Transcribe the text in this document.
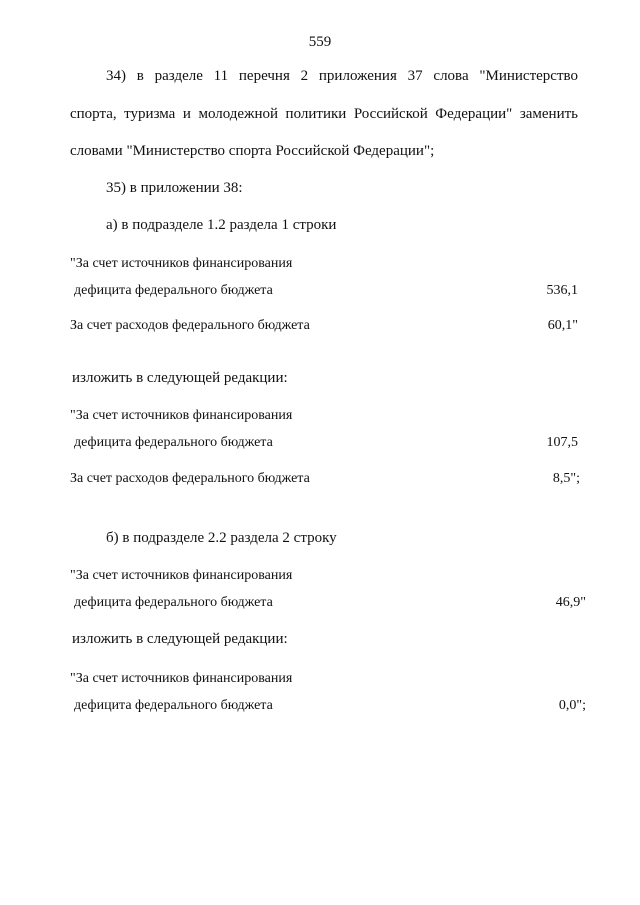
559
34) в разделе 11 перечня 2 приложения 37 слова "Министерство
спорта, туризма и молодежной политики Российской Федерации" заменить
словами "Министерство спорта Российской Федерации";
35) в приложении 38:
а) в подразделе 1.2 раздела 1 строки
"За счет источников финансирования
дефицита федерального бюджета	536,1
За счет расходов федерального бюджета	60,1"
изложить в следующей редакции:
"За счет источников финансирования
дефицита федерального бюджета	107,5
За счет расходов федерального бюджета	8,5";
б) в подразделе 2.2 раздела 2 строку
"За счет источников финансирования
дефицита федерального бюджета	46,9"
изложить в следующей редакции:
"За счет источников финансирования
дефицита федерального бюджета	0,0";
